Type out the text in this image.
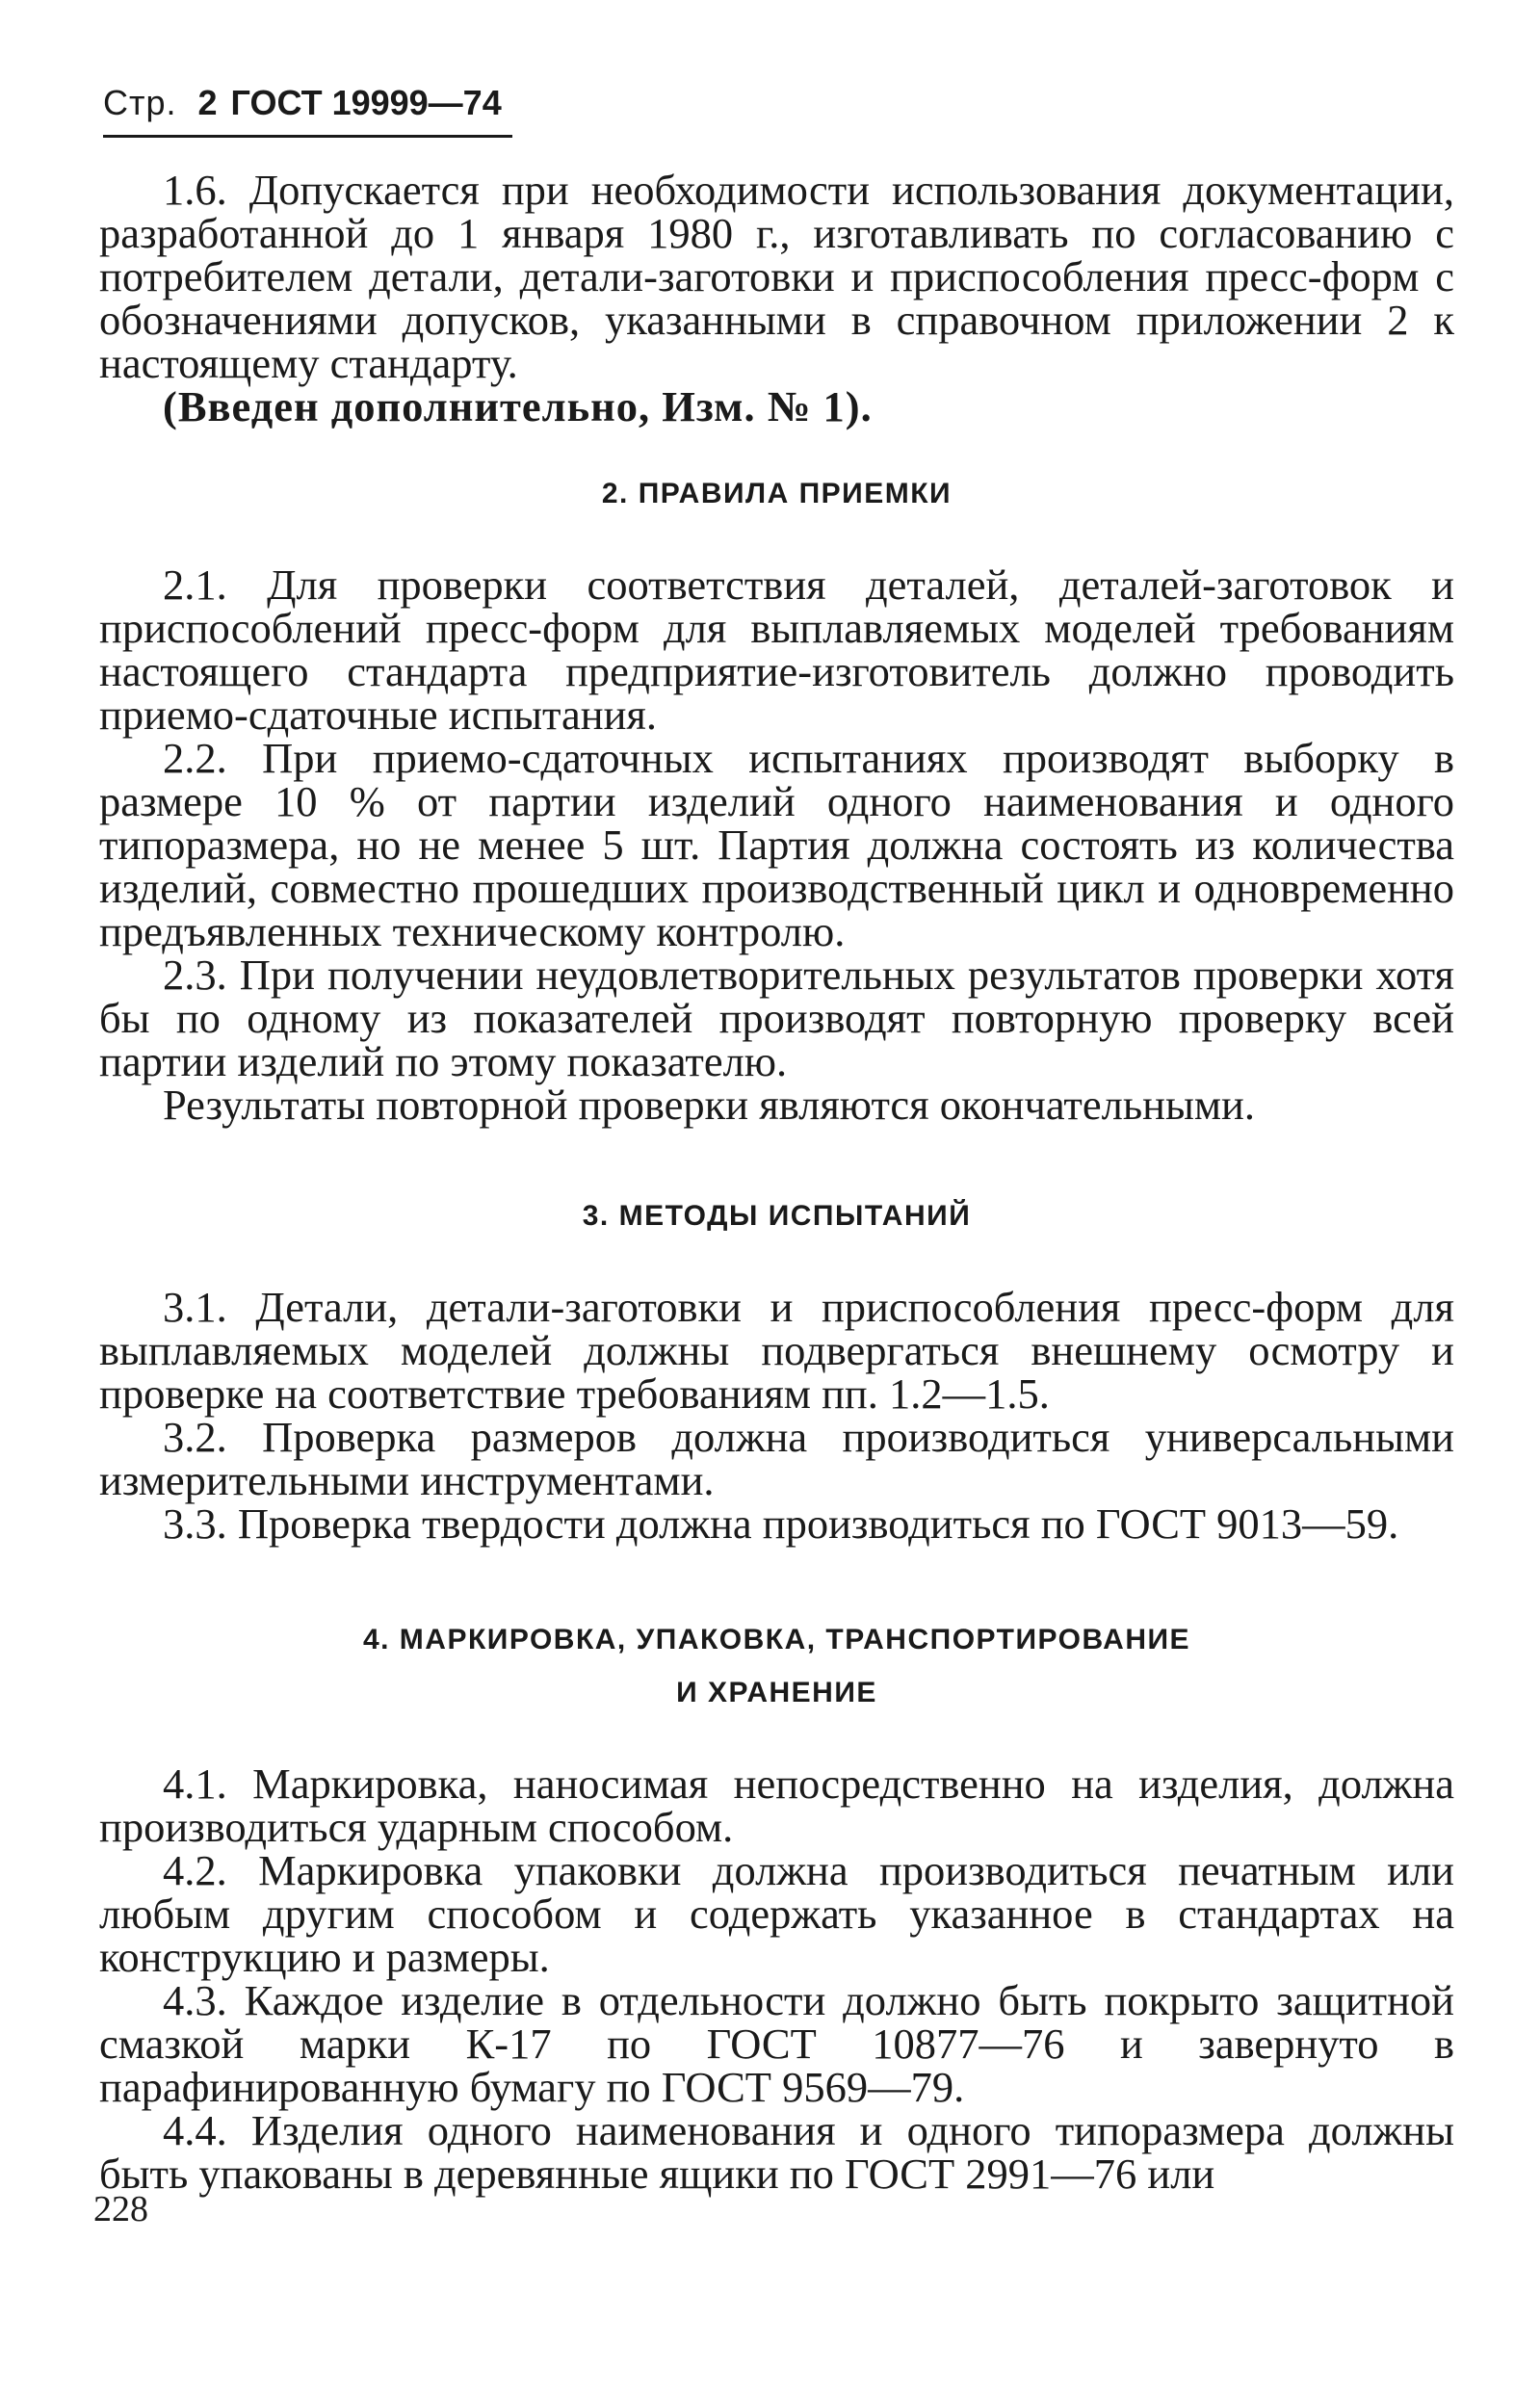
Стр. 2 ГОСТ 19999—74

1.6. Допускается при необходимости использования документации, разработанной до 1 января 1980 г., изготавливать по согласованию с потребителем детали, детали-заготовки и приспособления пресс-форм с обозначениями допусков, указанными в справочном приложении 2 к настоящему стандарту.

(Введен дополнительно, Изм. № 1).

2. ПРАВИЛА ПРИЕМКИ

2.1. Для проверки соответствия деталей, деталей-заготовок и приспособлений пресс-форм для выплавляемых моделей требованиям настоящего стандарта предприятие-изготовитель должно проводить приемо-сдаточные испытания.

2.2. При приемо-сдаточных испытаниях производят выборку в размере 10 % от партии изделий одного наименования и одного типоразмера, но не менее 5 шт. Партия должна состоять из количества изделий, совместно прошедших производственный цикл и одновременно предъявленных техническому контролю.

2.3. При получении неудовлетворительных результатов проверки хотя бы по одному из показателей производят повторную проверку всей партии изделий по этому показателю.

Результаты повторной проверки являются окончательными.

3. МЕТОДЫ ИСПЫТАНИЙ

3.1. Детали, детали-заготовки и приспособления пресс-форм для выплавляемых моделей должны подвергаться внешнему осмотру и проверке на соответствие требованиям пп. 1.2—1.5.

3.2. Проверка размеров должна производиться универсальными измерительными инструментами.

3.3. Проверка твердости должна производиться по ГОСТ 9013—59.

4. МАРКИРОВКА, УПАКОВКА, ТРАНСПОРТИРОВАНИЕ

И ХРАНЕНИЕ

4.1. Маркировка, наносимая непосредственно на изделия, должна производиться ударным способом.

4.2. Маркировка упаковки должна производиться печатным или любым другим способом и содержать указанное в стандартах на конструкцию и размеры.

4.3. Каждое изделие в отдельности должно быть покрыто защитной смазкой марки К-17 по ГОСТ 10877—76 и завернуто в парафинированную бумагу по ГОСТ 9569—79.

4.4. Изделия одного наименования и одного типоразмера должны быть упакованы в деревянные ящики по ГОСТ 2991—76 или

228
